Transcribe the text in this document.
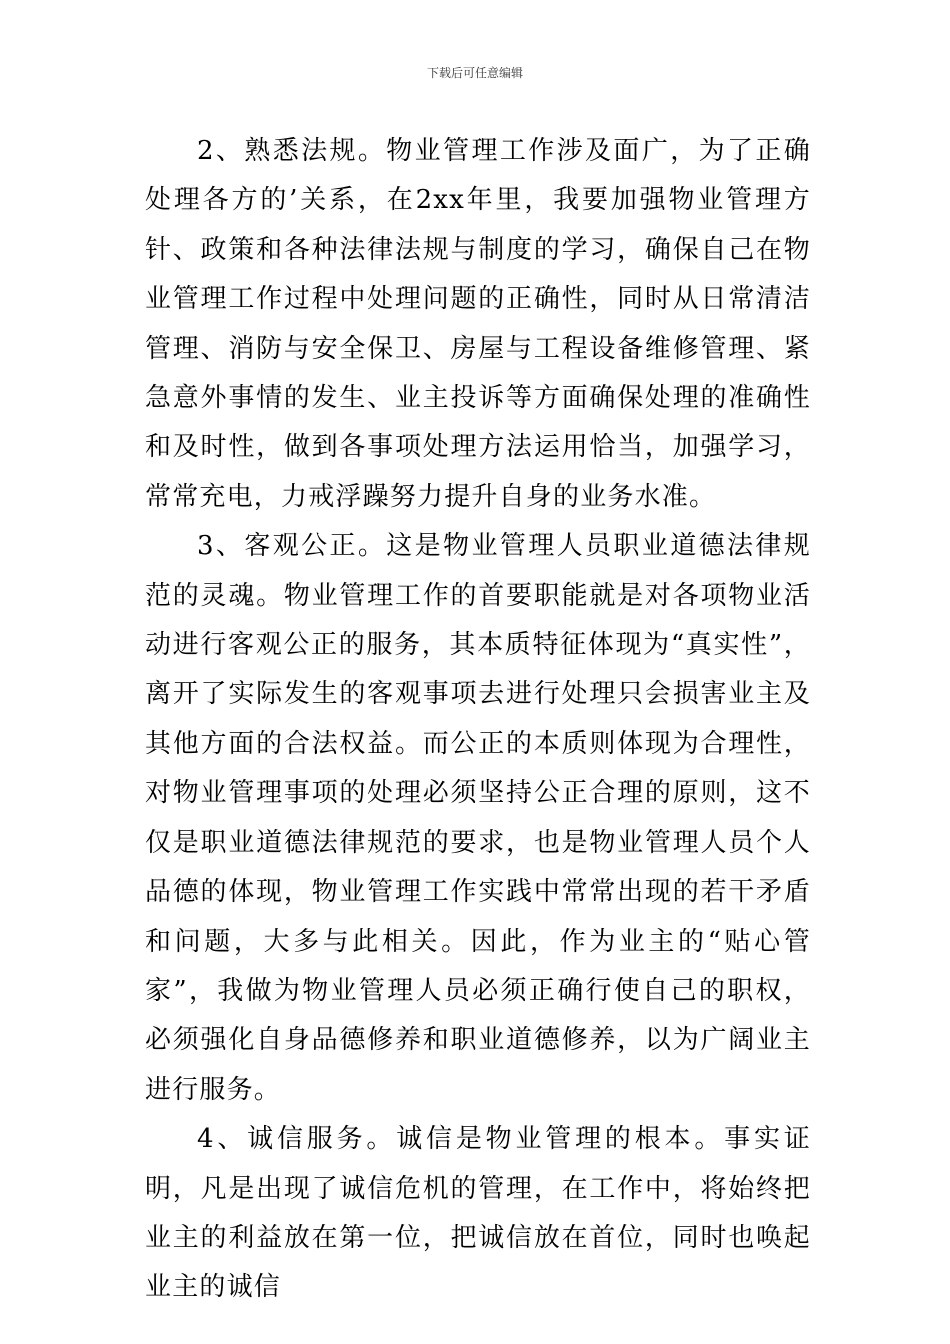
下载后可任意编辑

2、熟悉法规。物业管理工作涉及面广，为了正确处理各方的’关系，在2xx年里，我要加强物业管理方针、政策和各种法律法规与制度的学习，确保自己在物业管理工作过程中处理问题的正确性，同时从日常清洁管理、消防与安全保卫、房屋与工程设备维修管理、紧急意外事情的发生、业主投诉等方面确保处理的准确性和及时性，做到各事项处理方法运用恰当，加强学习，常常充电，力戒浮躁努力提升自身的业务水准。

3、客观公正。这是物业管理人员职业道德法律规范的灵魂。物业管理工作的首要职能就是对各项物业活动进行客观公正的服务，其本质特征体现为“真实性”，离开了实际发生的客观事项去进行处理只会损害业主及其他方面的合法权益。而公正的本质则体现为合理性，对物业管理事项的处理必须坚持公正合理的原则，这不仅是职业道德法律规范的要求，也是物业管理人员个人品德的体现，物业管理工作实践中常常出现的若干矛盾和问题，大多与此相关。因此，作为业主的“贴心管家”，我做为物业管理人员必须正确行使自己的职权，必须强化自身品德修养和职业道德修养，以为广阔业主进行服务。

4、诚信服务。诚信是物业管理的根本。事实证明，凡是出现了诚信危机的管理，在工作中，将始终把业主的利益放在第一位，把诚信放在首位，同时也唤起业主的诚信
